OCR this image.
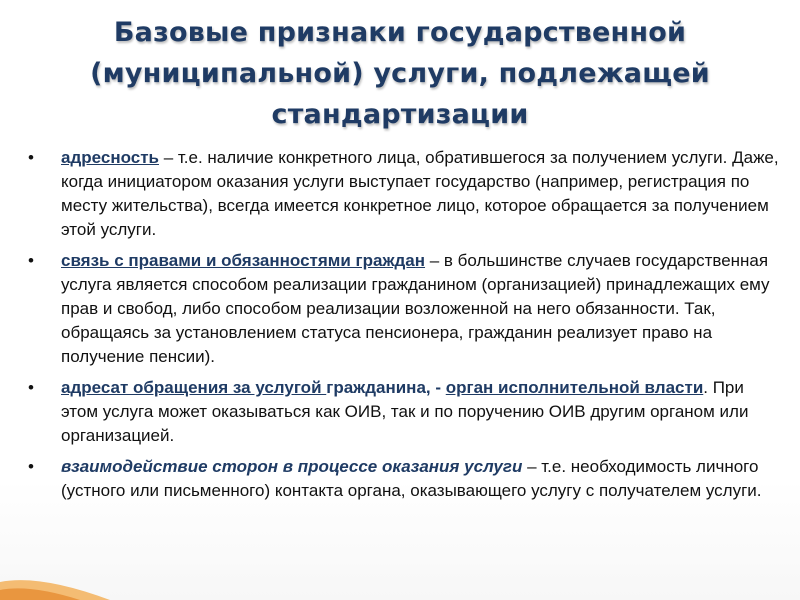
Базовые признаки государственной (муниципальной) услуги, подлежащей стандартизации
• адресность – т.е. наличие конкретного лица, обратившегося за получением услуги. Даже, когда инициатором оказания услуги выступает государство (например, регистрация по месту жительства), всегда имеется конкретное лицо, которое обращается за получением этой услуги.
• связь с правами и обязанностями граждан – в большинстве случаев государственная услуга является способом реализации гражданином (организацией) принадлежащих ему прав и свобод, либо способом реализации возложенной на него обязанности. Так, обращаясь за установлением статуса пенсионера, гражданин реализует право на получение пенсии).
• адресат обращения за услугой гражданина, - орган исполнительной власти. При этом услуга может оказываться как ОИВ, так и по поручению ОИВ другим органом или организацией.
• взаимодействие сторон в процессе оказания услуги – т.е. необходимость личного (устного или письменного) контакта органа, оказывающего услугу с получателем услуги.
